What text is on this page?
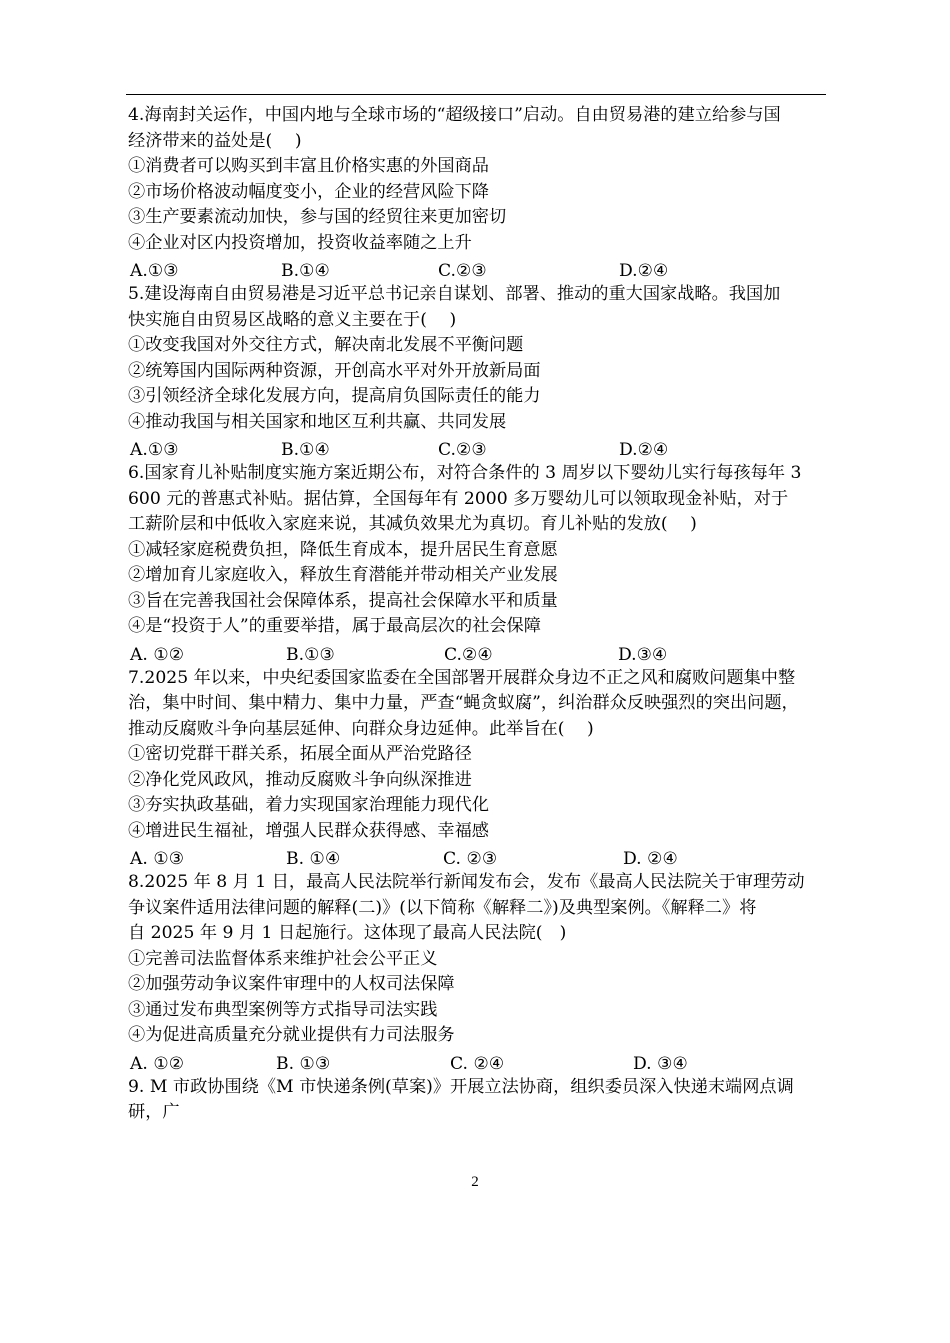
4.海南封关运作，中国内地与全球市场的“超级接口”启动。自由贸易港的建立给参与国
经济带来的益处是(　 )
①消费者可以购买到丰富且价格实惠的外国商品
②市场价格波动幅度变小，企业的经营风险下降
③生产要素流动加快，参与国的经贸往来更加密切
④企业对区内投资增加，投资收益率随之上升
A.①③	B.①④	C.②③	D.②④
5.建设海南自由贸易港是习近平总书记亲自谋划、部署、推动的重大国家战略。我国加
快实施自由贸易区战略的意义主要在于(　 )
①改变我国对外交往方式，解决南北发展不平衡问题
②统筹国内国际两种资源，开创高水平对外开放新局面
③引领经济全球化发展方向，提高肩负国际责任的能力
④推动我国与相关国家和地区互利共赢、共同发展
A.①③	B.①④	C.②③	D.②④
6.国家育儿补贴制度实施方案近期公布，对符合条件的 3 周岁以下婴幼儿实行每孩每年 3
600 元的普惠式补贴。据估算，全国每年有 2000 多万婴幼儿可以领取现金补贴，对于
工薪阶层和中低收入家庭来说，其减负效果尤为真切。育儿补贴的发放(　 )
①减轻家庭税费负担，降低生育成本，提升居民生育意愿
②增加育儿家庭收入，释放生育潜能并带动相关产业发展
③旨在完善我国社会保障体系，提高社会保障水平和质量
④是“投资于人”的重要举措，属于最高层次的社会保障
A. ①②	B.①③	C.②④	D.③④
7.2025 年以来，中央纪委国家监委在全国部署开展群众身边不正之风和腐败问题集中整
治，集中时间、集中精力、集中力量，严查“蝇贪蚁腐”，纠治群众反映强烈的突出问题，
推动反腐败斗争向基层延伸、向群众身边延伸。此举旨在(　 )
①密切党群干群关系，拓展全面从严治党路径
②净化党风政风，推动反腐败斗争向纵深推进
③夯实执政基础，着力实现国家治理能力现代化
④增进民生福祉，增强人民群众获得感、幸福感
A. ①③	B. ①④	C. ②③	D. ②④
8.2025 年 8 月 1 日，最高人民法院举行新闻发布会，发布《最高人民法院关于审理劳动
争议案件适用法律问题的解释(二)》(以下简称《解释二》)及典型案例。《解释二》将
自 2025 年 9 月 1 日起施行。这体现了最高人民法院(　)
①完善司法监督体系来维护社会公平正义
②加强劳动争议案件审理中的人权司法保障
③通过发布典型案例等方式指导司法实践
④为促进高质量充分就业提供有力司法服务
A. ①②	B. ①③	C. ②④	D. ③④
9. M 市政协围绕《M 市快递条例(草案)》开展立法协商，组织委员深入快递末端网点调
研，广
2
